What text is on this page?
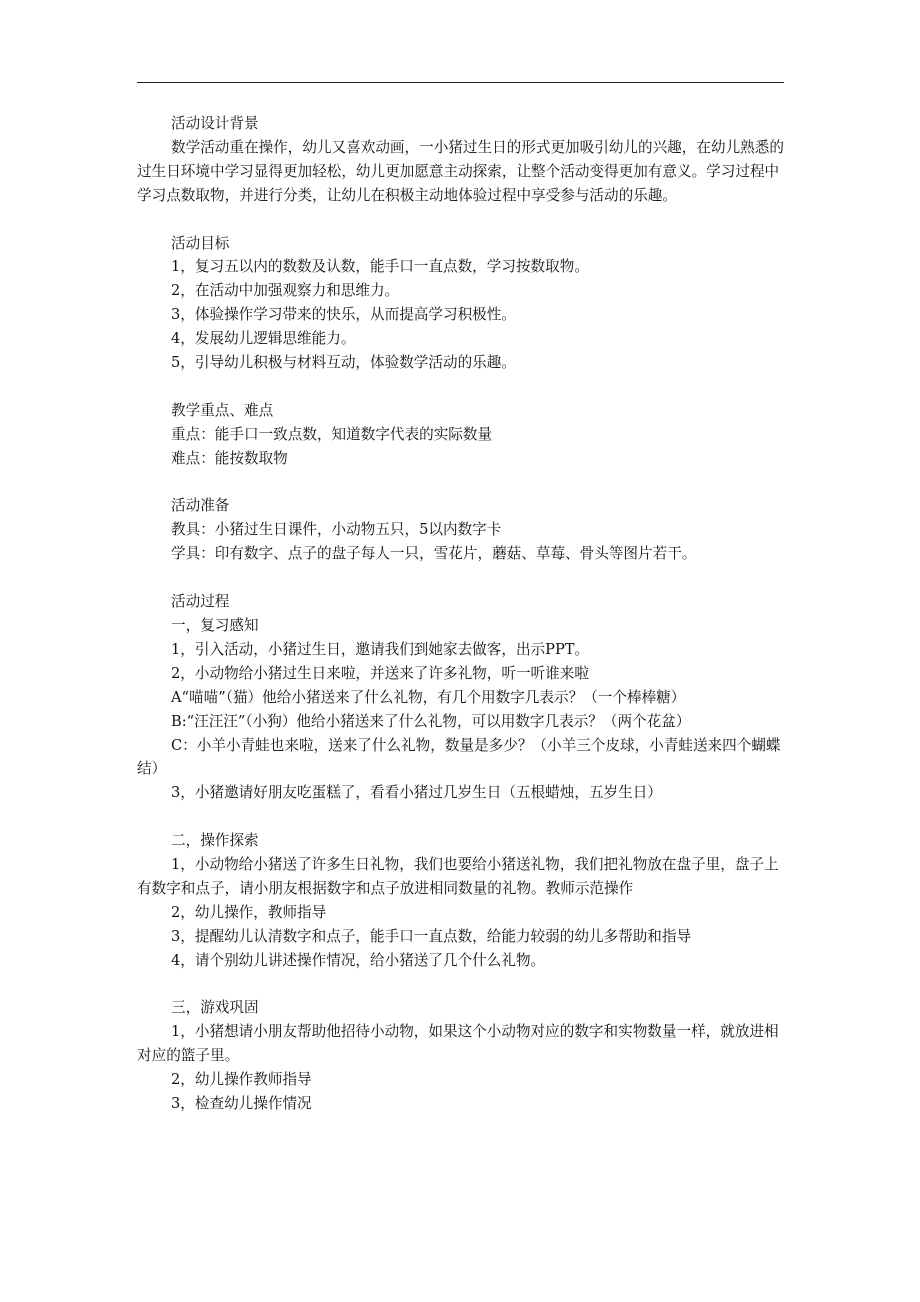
活动设计背景

数学活动重在操作，幼儿又喜欢动画，一小猪过生日的形式更加吸引幼儿的兴趣，在幼儿熟悉的过生日环境中学习显得更加轻松，幼儿更加愿意主动探索，让整个活动变得更加有意义。学习过程中学习点数取物，并进行分类，让幼儿在积极主动地体验过程中享受参与活动的乐趣。

活动目标

1，复习五以内的数数及认数，能手口一直点数，学习按数取物。

2，在活动中加强观察力和思维力。

3，体验操作学习带来的快乐，从而提高学习积极性。

4，发展幼儿逻辑思维能力。

5，引导幼儿积极与材料互动，体验数学活动的乐趣。

教学重点、难点

重点：能手口一致点数，知道数字代表的实际数量

难点：能按数取物

活动准备

教具：小猪过生日课件，小动物五只，5以内数字卡

学具：印有数字、点子的盘子每人一只，雪花片，蘑菇、草莓、骨头等图片若干。

活动过程

一，复习感知

1，引入活动，小猪过生日，邀请我们到她家去做客，出示PPT。

2，小动物给小猪过生日来啦，并送来了许多礼物，听一听谁来啦

A“喵喵”（猫）他给小猪送来了什么礼物，有几个用数字几表示？（一个棒棒糖）

B:“汪汪汪”（小狗）他给小猪送来了什么礼物，可以用数字几表示？（两个花盆）

C：小羊小青蛙也来啦，送来了什么礼物，数量是多少？（小羊三个皮球，小青蛙送来四个蝴蝶结）

3，小猪邀请好朋友吃蛋糕了，看看小猪过几岁生日（五根蜡烛，五岁生日）

二，操作探索

1，小动物给小猪送了许多生日礼物，我们也要给小猪送礼物，我们把礼物放在盘子里，盘子上有数字和点子，请小朋友根据数字和点子放进相同数量的礼物。教师示范操作

2，幼儿操作，教师指导

3，提醒幼儿认清数字和点子，能手口一直点数，给能力较弱的幼儿多帮助和指导

4，请个别幼儿讲述操作情况，给小猪送了几个什么礼物。

三，游戏巩固

1，小猪想请小朋友帮助他招待小动物，如果这个小动物对应的数字和实物数量一样，就放进相对应的篮子里。

2，幼儿操作教师指导

3，检查幼儿操作情况
